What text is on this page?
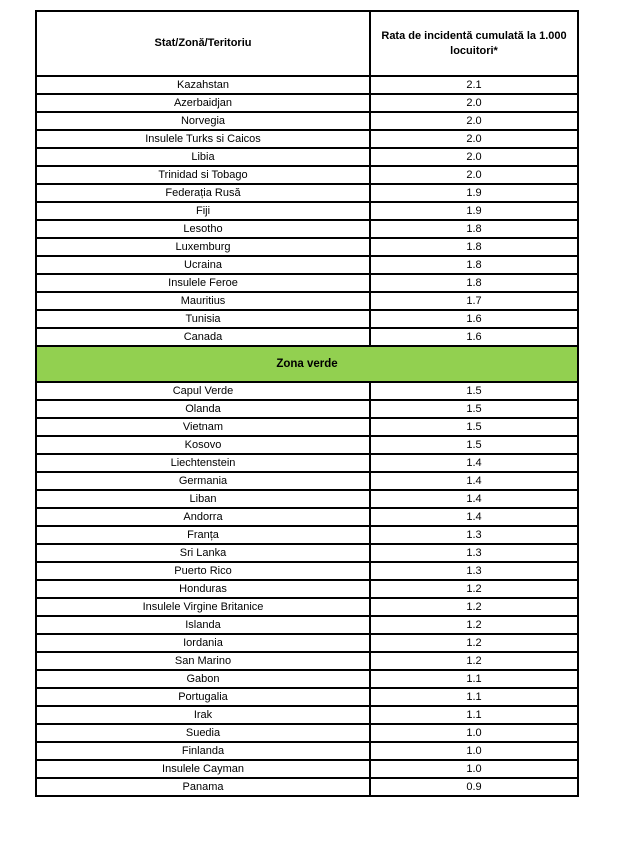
Stat/Zonă/Teritoriu	Rata de incidentă cumulată la 1.000
locuitori*

Kazahstan	2.1
Azerbaidjan	2.0
Norvegia	2.0
Insulele Turks si Caicos	2.0
Libia	2.0
Trinidad si Tobago	2.0
Federația Rusă	1.9
Fiji	1.9
Lesotho	1.8
Luxemburg	1.8
Ucraina	1.8
Insulele Feroe	1.8
Mauritius	1.7
Tunisia	1.6
Canada	1.6
Zona verde	
Capul Verde	1.5
Olanda	1.5
Vietnam	1.5
Kosovo	1.5
Liechtenstein	1.4
Germania	1.4
Liban	1.4
Andorra	1.4
Franța	1.3
Sri Lanka	1.3
Puerto Rico	1.3
Honduras	1.2
Insulele Virgine Britanice	1.2
Islanda	1.2
Iordania	1.2
San Marino	1.2
Gabon	1.1
Portugalia	1.1
Irak	1.1
Suedia	1.0
Finlanda	1.0
Insulele Cayman	1.0
Panama	0.9
